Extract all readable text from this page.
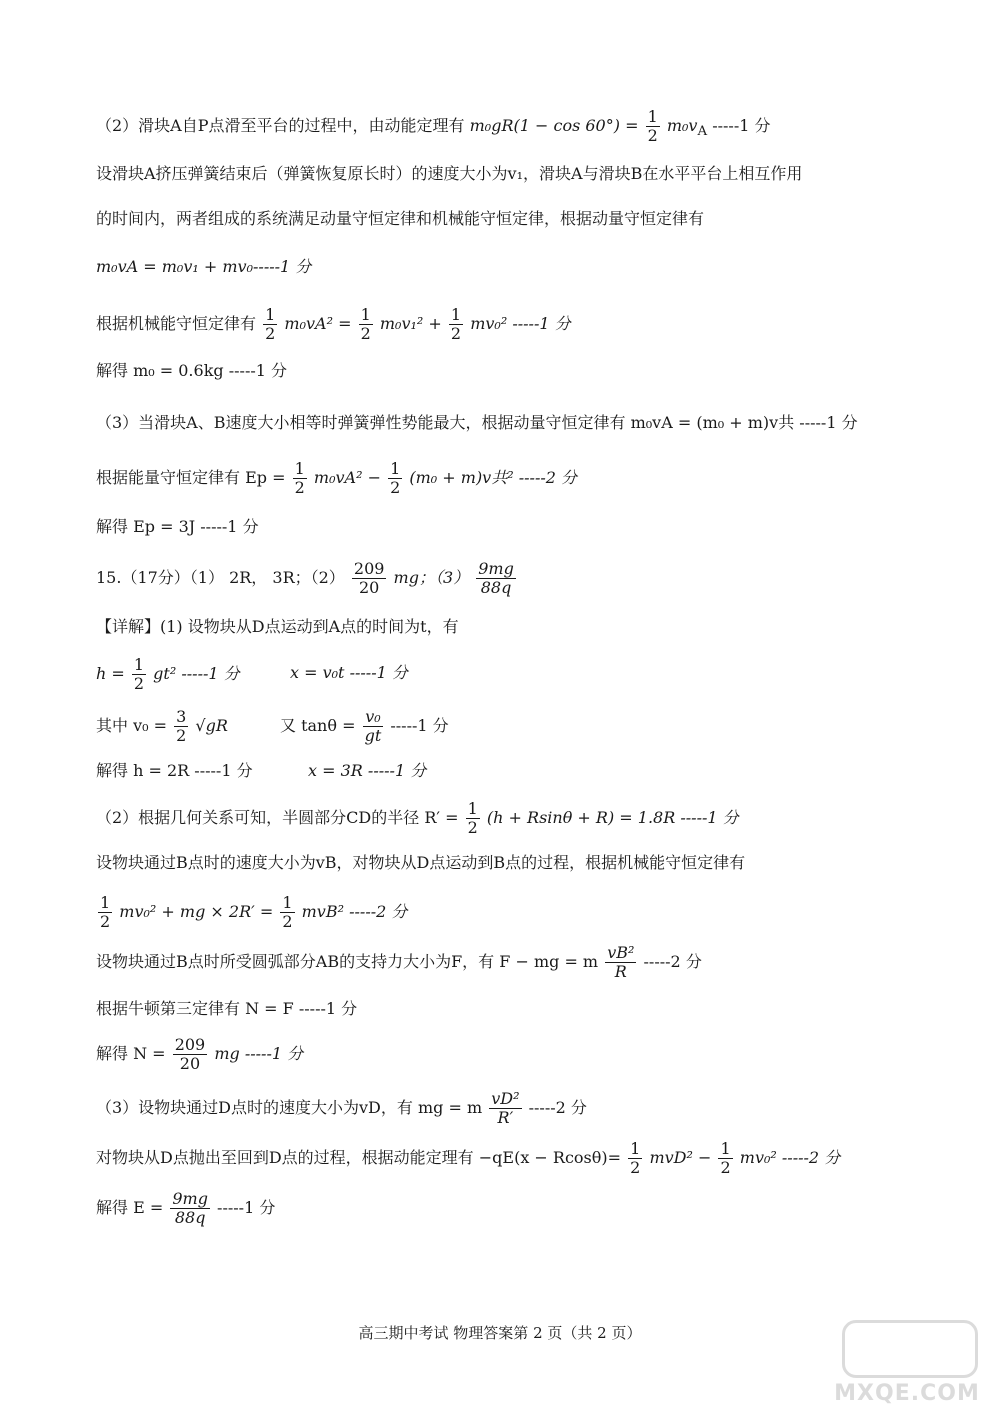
（2）滑块A自P点滑至平台的过程中，由动能定理有 $m_0gR(1 - \cos 60^\circ) = \frac{1}{2} m_0v_A$ -----1 分
设滑块A挤压弹簧结束后（弹簧恢复原长时）的速度大小为v₁，滑块A与滑块B在水平平台上相互作用
的时间内，两者组成的系统满足动量守恒定律和机械能守恒定律，根据动量守恒定律有
m₀vA = m₀v₁ + mv₀-----1 分
根据机械能守恒定律有 $\frac{1}{2} m_0vA^2 = \frac{1}{2} m_0v_1^2 + \frac{1}{2} mv_0^2$ -----1 分
解得 m₀ = 0.6kg -----1 分
（3）当滑块A、B速度大小相等时弹簧弹性势能最大，根据动量守恒定律有 m₀vA = (m₀ + m)v共 -----1 分
根据能量守恒定律有 $Ep = \frac{1}{2} m_0vA^2 - \frac{1}{2} (m_0 + m)v$共² -----2 分
解得 Ep = 3J -----1 分
15.（17分）（1） 2R， 3R；$(2) \frac{209}{20}$ mg；$(3) \frac{9mg}{88q}$
【详解】(1) 设物块从D点运动到A点的时间为t，有
$h = \frac{1}{2} gt^2$ -----1 分	x = v₀t -----1 分
其中 $v_0 = \frac{3}{2} √gR$	又 $\tan\theta = \frac{\text{v₀}}{gt} -----1$ 分
解得 h = 2R -----1 分	x = 3R -----1 分
（2）根据几何关系可知，半圆部分CD的半径 $R' = \frac{1}{2} (h + Rsin\theta + R) = 1.8R$ -----1 分
设物块通过B点时的速度大小为vB，对物块从D点运动到B点的过程，根据机械能守恒定律有
$\frac{1}{2} mv_0^2$ + mg × $2R' = \frac{1}{2} mvB^2$ -----2 分
设物块通过B点时所受圆弧部分AB的支持力大小为F，有 F − mg = m $\frac{\text{vB²}}{R} -----2$ 分
根据牛顿第三定律有 N = F -----1 分
解得 $N = \frac{209}{20}$ mg -----1 分
（3）设物块通过D点时的速度大小为vD，有 mg = m $\frac{\text{vD²}}{R'} -----2$ 分
对物块从D点抛出至回到D点的过程，根据动能定理有 $-qE(x - Rcos\theta)= \frac{1}{2} mvD^2 - \frac{1}{2} mv_0^2$ -----2 分
解得 $E = \frac{9mg}{88q} -----1$ 分
高三期中考试 物理答案第 2 页（共 2 页）
MXQE.COM
